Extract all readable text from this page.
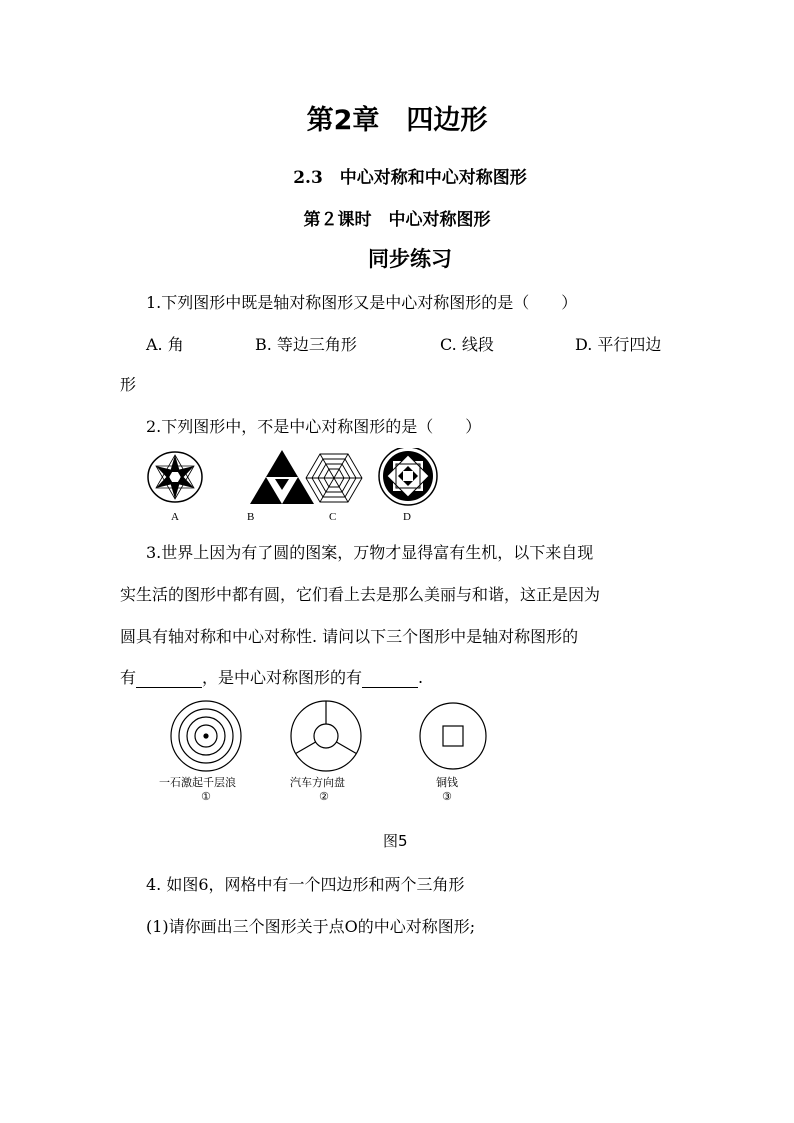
第2章　四边形
2.3　中心对称和中心对称图形
第２课时　中心对称图形
同步练习
1.下列图形中既是轴对称图形又是中心对称图形的是（　　）
A. 角	B. 等边三角形	C. 线段	D. 平行四边
形
2.下列图形中，不是中心对称图形的是（　　）
A	B	C	D
3.世界上因为有了圆的图案，万物才显得富有生机，以下来自现
实生活的图形中都有圆，它们看上去是那么美丽与和谐，这正是因为
圆具有轴对称和中心对称性. 请问以下三个图形中是轴对称图形的
有	，是中心对称图形的有	.
一石激起千层浪	汽车方向盘	铜钱
①	②	③
图5
4. 如图6，网格中有一个四边形和两个三角形
(1)请你画出三个图形关于点O的中心对称图形;
